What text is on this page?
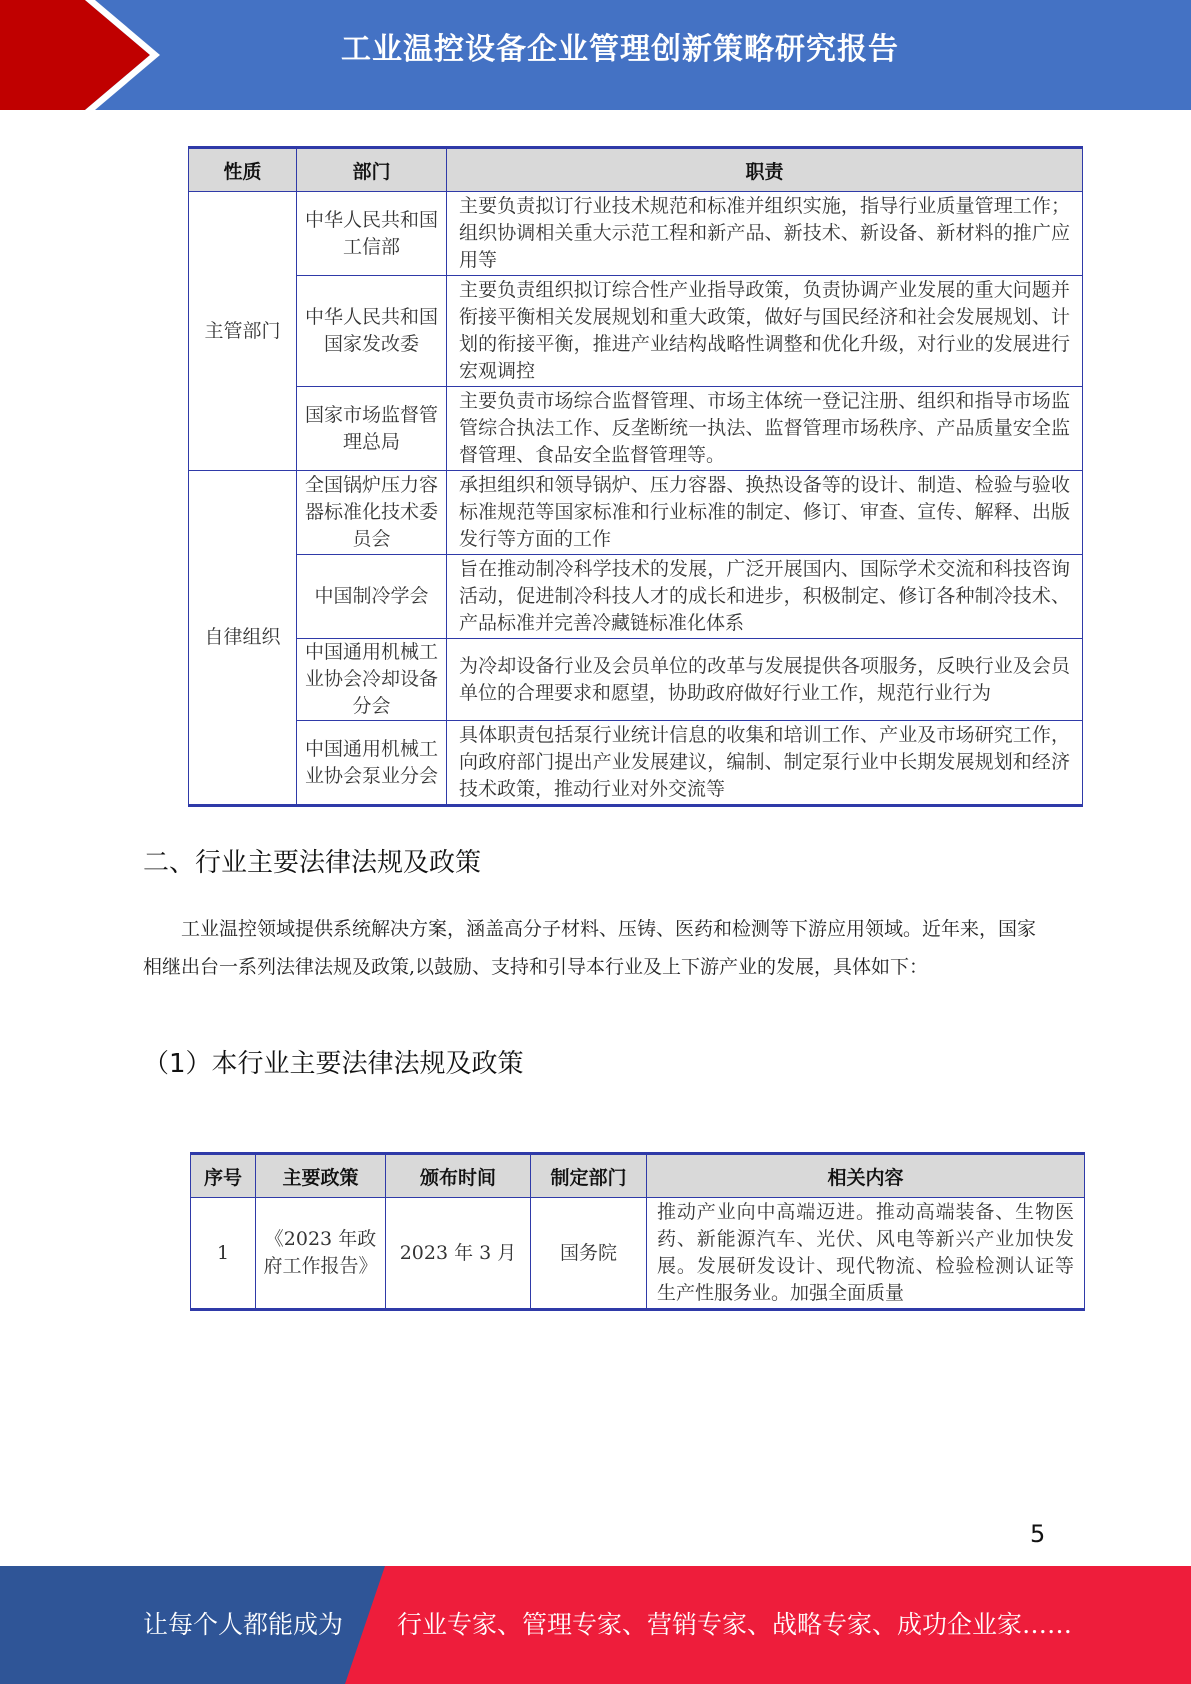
工业温控设备企业管理创新策略研究报告
性质	部门	职责
主管部门	中华人民共和国工信部	主要负责拟订行业技术规范和标准并组织实施，指导行业质量管理工作；组织协调相关重大示范工程和新产品、新技术、新设备、新材料的推广应用等
	中华人民共和国国家发改委	主要负责组织拟订综合性产业指导政策，负责协调产业发展的重大问题并衔接平衡相关发展规划和重大政策，做好与国民经济和社会发展规划、计划的衔接平衡，推进产业结构战略性调整和优化升级，对行业的发展进行宏观调控
	国家市场监督管理总局	主要负责市场综合监督管理、市场主体统一登记注册、组织和指导市场监管综合执法工作、反垄断统一执法、监督管理市场秩序、产品质量安全监督管理、食品安全监督管理等。
自律组织	全国锅炉压力容器标准化技术委员会	承担组织和领导锅炉、压力容器、换热设备等的设计、制造、检验与验收标准规范等国家标准和行业标准的制定、修订、审查、宣传、解释、出版发行等方面的工作
	中国制冷学会	旨在推动制冷科学技术的发展，广泛开展国内、国际学术交流和科技咨询活动，促进制冷科技人才的成长和进步，积极制定、修订各种制冷技术、产品标准并完善冷藏链标准化体系
	中国通用机械工业协会冷却设备分会	为冷却设备行业及会员单位的改革与发展提供各项服务，反映行业及会员单位的合理要求和愿望，协助政府做好行业工作，规范行业行为
	中国通用机械工业协会泵业分会	具体职责包括泵行业统计信息的收集和培训工作、产业及市场研究工作，向政府部门提出产业发展建议，编制、制定泵行业中长期发展规划和经济技术政策，推动行业对外交流等
二、行业主要法律法规及政策

工业温控领域提供系统解决方案，涵盖高分子材料、压铸、医药和检测等下游应用领域。近年来，国家相继出台一系列法律法规及政策,以鼓励、支持和引导本行业及上下游产业的发展，具体如下：

（1）本行业主要法律法规及政策
序号	主要政策	颁布时间	制定部门	相关内容
1	《2023 年政府工作报告》	2023 年 3 月	国务院	推动产业向中高端迈进。推动高端装备、生物医药、新能源汽车、光伏、风电等新兴产业加快发展。发展研发设计、现代物流、检验检测认证等生产性服务业。加强全面质量
5
让每个人都能成为 行业专家、管理专家、营销专家、战略专家、成功企业家……
